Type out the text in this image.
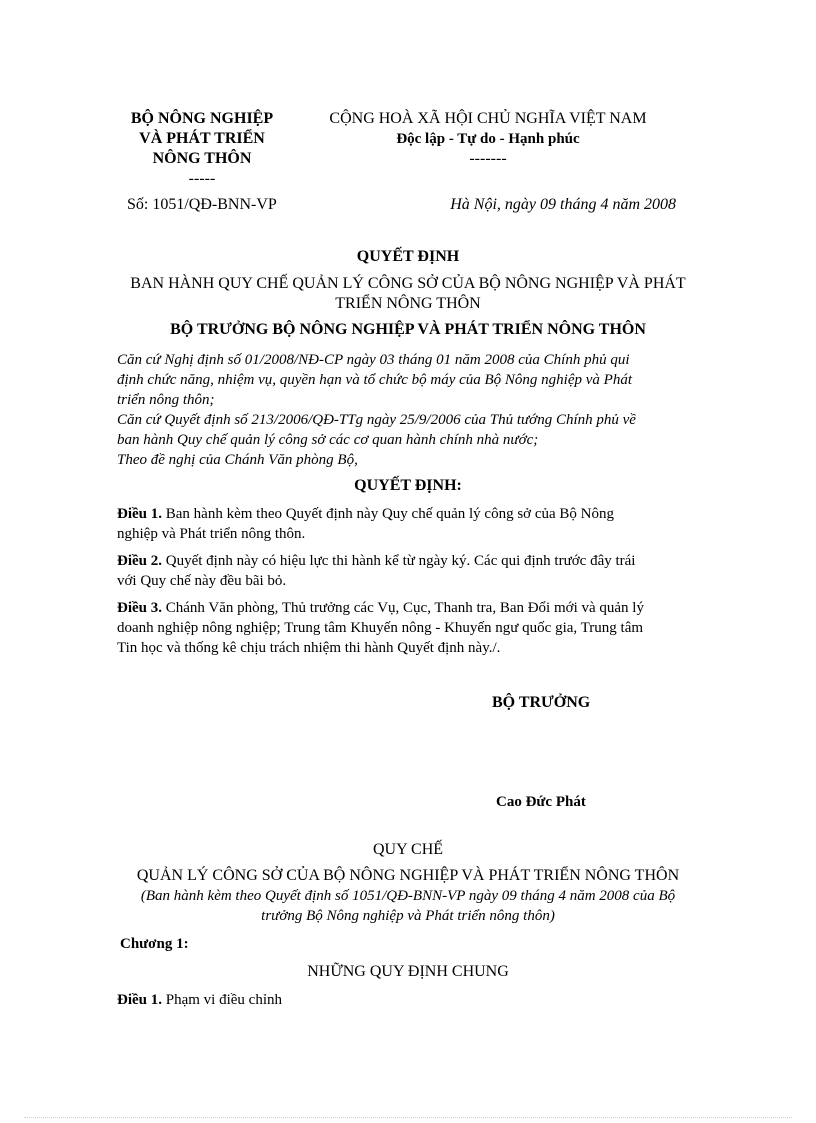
BỘ NÔNG NGHIỆP
VÀ PHÁT TRIỂN
NÔNG THÔN
-----
CỘNG HOÀ XÃ HỘI CHỦ NGHĨA VIỆT NAM
Độc lập - Tự do - Hạnh phúc
-------
Số: 1051/QĐ-BNN-VP	Hà Nội, ngày 09 tháng 4 năm 2008
QUYẾT ĐỊNH
BAN HÀNH QUY CHẾ QUẢN LÝ CÔNG SỞ CỦA BỘ NÔNG NGHIỆP VÀ PHÁT
TRIỂN NÔNG THÔN
BỘ TRƯỞNG BỘ NÔNG NGHIỆP VÀ PHÁT TRIỂN NÔNG THÔN
Căn cứ Nghị định số 01/2008/NĐ-CP ngày 03 tháng 01 năm 2008 của Chính phủ qui
định chức năng, nhiệm vụ, quyền hạn và tổ chức bộ máy của Bộ Nông nghiệp và Phát
triển nông thôn;
Căn cứ Quyết định số 213/2006/QĐ-TTg ngày 25/9/2006 của Thủ tướng Chính phủ về
ban hành Quy chế quản lý công sở các cơ quan hành chính nhà nước;
Theo đề nghị của Chánh Văn phòng Bộ,
QUYẾT ĐỊNH:
Điều 1. Ban hành kèm theo Quyết định này Quy chế quản lý công sở của Bộ Nông
nghiệp và Phát triển nông thôn.
Điều 2. Quyết định này có hiệu lực thi hành kể từ ngày ký. Các qui định trước đây trái
với Quy chế này đều bãi bỏ.
Điều 3. Chánh Văn phòng, Thủ trưởng các Vụ, Cục, Thanh tra, Ban Đổi mới và quản lý
doanh nghiệp nông nghiệp; Trung tâm Khuyến nông - Khuyến ngư quốc gia, Trung tâm
Tin học và thống kê chịu trách nhiệm thi hành Quyết định này./.
BỘ TRƯỞNG
Cao Đức Phát
QUY CHẾ
QUẢN LÝ CÔNG SỞ CỦA BỘ NÔNG NGHIỆP VÀ PHÁT TRIỂN NÔNG THÔN
(Ban hành kèm theo Quyết định số 1051/QĐ-BNN-VP ngày 09 tháng 4 năm 2008 của Bộ
trưởng Bộ Nông nghiệp và Phát triển nông thôn)
Chương 1:
NHỮNG QUY ĐỊNH CHUNG
Điều 1. Phạm vi điều chỉnh
